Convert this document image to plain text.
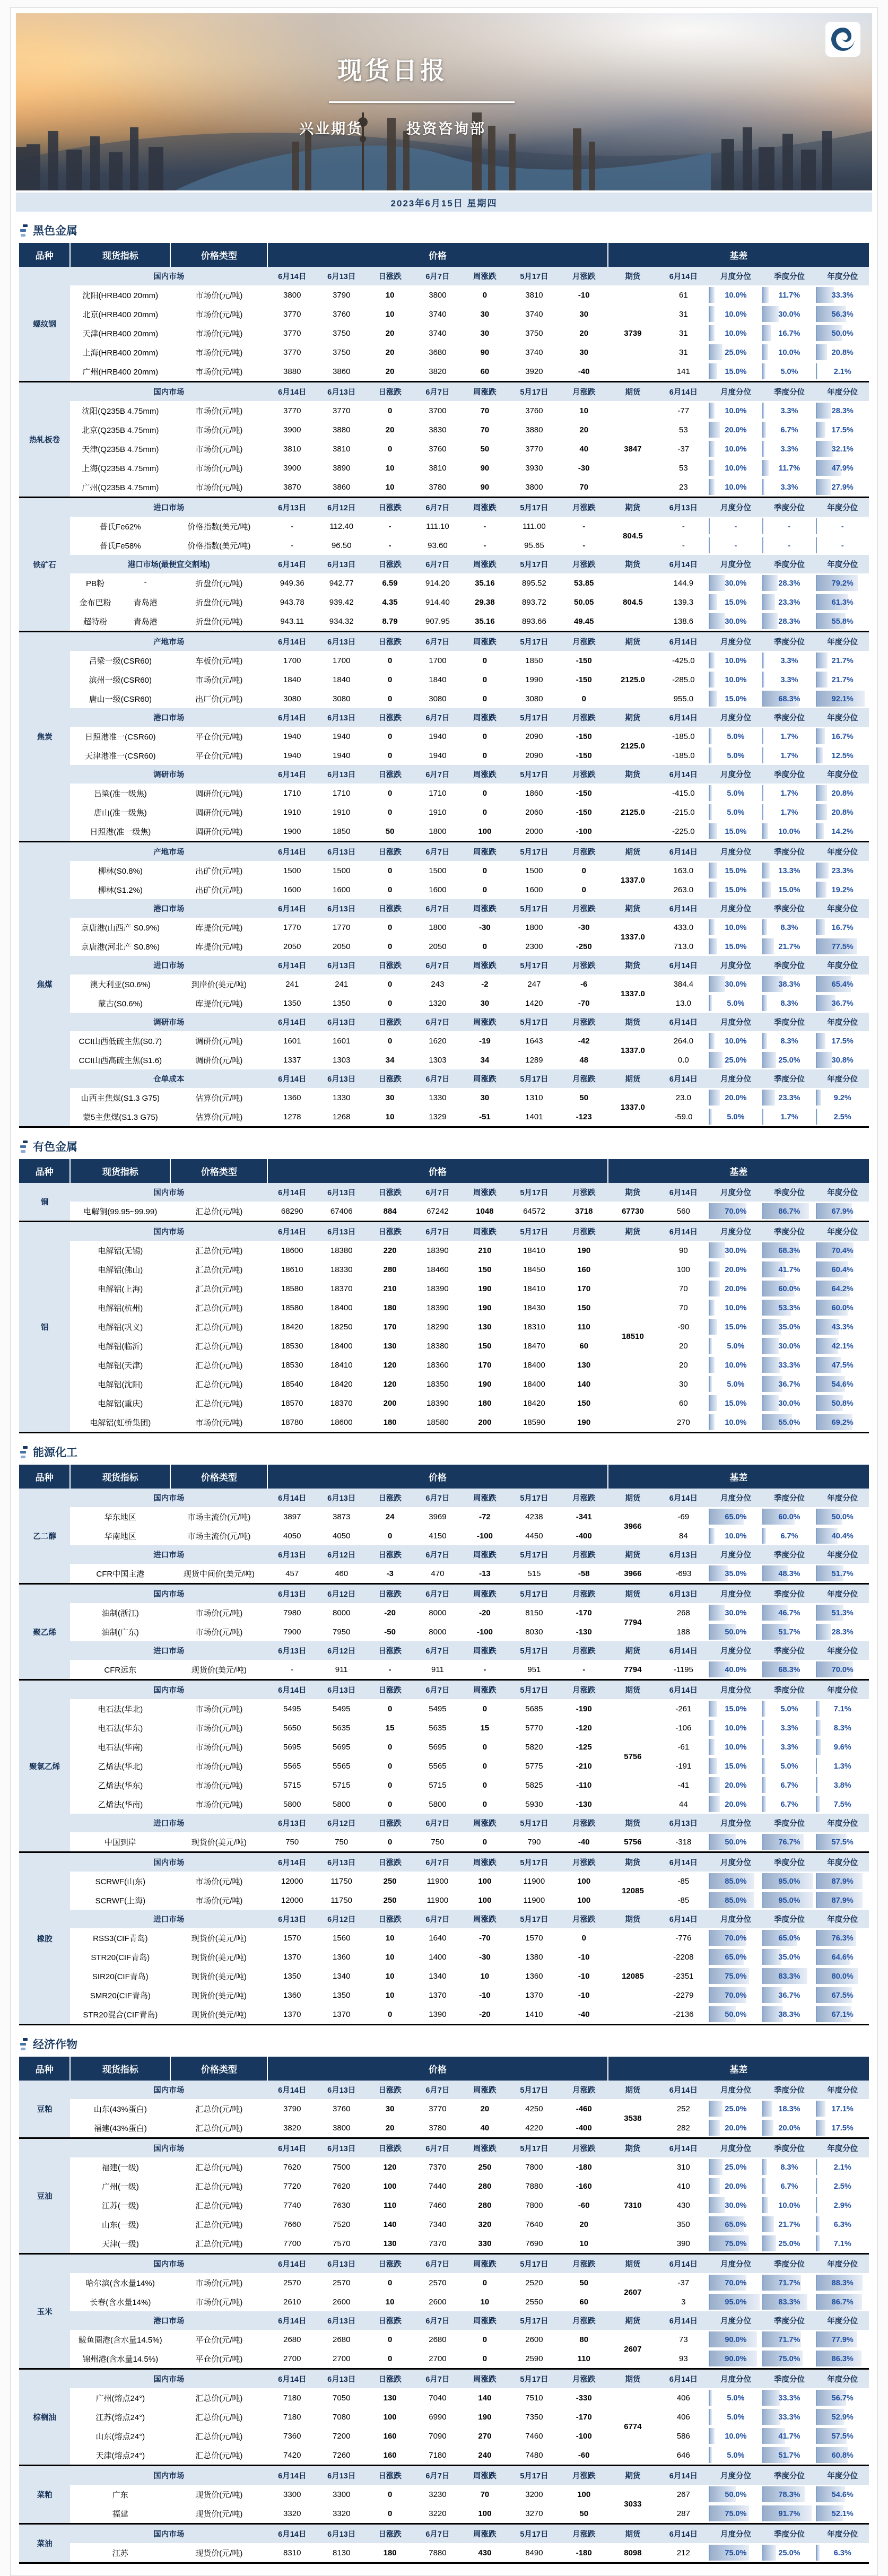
现货日报
兴业期货	投资咨询部
2023年6月15日 星期四
黑色金属
品种	现货指标	价格类型	价格							基差				
螺纹钢	国内市场		6月14日	6月13日	日涨跌	6月7日	周涨跌	5月17日	月涨跌	期货	6月14日	月度分位	季度分位	年度分位
	沈阳(HRB400 20mm)	市场价(元/吨)	3800	3790	10	3800	0	3810	-10	3739	61	10.0%	11.7%	33.3%
	北京(HRB400 20mm)	市场价(元/吨)	3770	3760	10	3740	30	3740	30		31	10.0%	30.0%	56.3%
	天津(HRB400 20mm)	市场价(元/吨)	3770	3750	20	3740	30	3750	20		31	10.0%	16.7%	50.0%
	上海(HRB400 20mm)	市场价(元/吨)	3770	3750	20	3680	90	3740	30		31	25.0%	10.0%	20.8%
	广州(HRB400 20mm)	市场价(元/吨)	3880	3860	20	3820	60	3920	-40		141	15.0%	5.0%	2.1%
热轧板卷	国内市场		6月14日	6月13日	日涨跌	6月7日	周涨跌	5月17日	月涨跌	期货	6月14日	月度分位	季度分位	年度分位
	沈阳(Q235B 4.75mm)	市场价(元/吨)	3770	3770	0	3700	70	3760	10	3847	-77	10.0%	3.3%	28.3%
	北京(Q235B 4.75mm)	市场价(元/吨)	3900	3880	20	3830	70	3880	20		53	20.0%	6.7%	17.5%
	天津(Q235B 4.75mm)	市场价(元/吨)	3810	3810	0	3760	50	3770	40		-37	10.0%	3.3%	32.1%
	上海(Q235B 4.75mm)	市场价(元/吨)	3900	3890	10	3810	90	3930	-30		53	10.0%	11.7%	47.9%
	广州(Q235B 4.75mm)	市场价(元/吨)	3870	3860	10	3780	90	3800	70		23	10.0%	3.3%	27.9%
铁矿石	进口市场		6月13日	6月12日	日涨跌	6月7日	周涨跌	5月17日	月涨跌	期货	6月13日	月度分位	季度分位	年度分位
	普氏Fe62%	价格指数(美元/吨)	-	112.40	-	111.10	-	111.00	-	804.5	-	-	-	-
	普氏Fe58%	价格指数(美元/吨)	-	96.50	-	93.60	-	95.65	-		-	-	-	-
	港口市场(最便宜交割地)		6月14日	6月13日	日涨跌	6月7日	周涨跌	5月17日	月涨跌	期货	6月14日	月度分位	季度分位	年度分位

	PB粉 -	折盘价(元/吨)	949.36	942.77	6.59	914.20	35.16	895.52	53.85	804.5	144.9	30.0%	28.3%	79.2%

	金布巴粉 青岛港	折盘价(元/吨)	943.78	939.42	4.35	914.40	29.38	893.72	50.05		139.3	15.0%	23.3%	61.3%

	超特粉 青岛港	折盘价(元/吨)	943.11	934.32	8.79	907.95	35.16	893.66	49.45		138.6	30.0%	28.3%	55.8%
焦炭	产地市场		6月14日	6月13日	日涨跌	6月7日	周涨跌	5月17日	月涨跌	期货	6月14日	月度分位	季度分位	年度分位
	吕梁一级(CSR60)	车板价(元/吨)	1700	1700	0	1700	0	1850	-150	2125.0	-425.0	10.0%	3.3%	21.7%
	滨州一级(CSR60)	市场价(元/吨)	1840	1840	0	1840	0	1990	-150		-285.0	10.0%	3.3%	21.7%
	唐山一级(CSR60)	出厂价(元/吨)	3080	3080	0	3080	0	3080	0		955.0	15.0%	68.3%	92.1%
	港口市场		6月14日	6月13日	日涨跌	6月7日	周涨跌	5月17日	月涨跌	期货	6月14日	月度分位	季度分位	年度分位
	日照港准一(CSR60)	平仓价(元/吨)	1940	1940	0	1940	0	2090	-150	2125.0	-185.0	5.0%	1.7%	16.7%
	天津港准一(CSR60)	平仓价(元/吨)	1940	1940	0	1940	0	2090	-150		-185.0	5.0%	1.7%	12.5%
	调研市场		6月14日	6月13日	日涨跌	6月7日	周涨跌	5月17日	月涨跌	期货	6月14日	月度分位	季度分位	年度分位
	吕梁(准一级焦)	调研价(元/吨)	1710	1710	0	1710	0	1860	-150	2125.0	-415.0	5.0%	1.7%	20.8%
	唐山(准一级焦)	调研价(元/吨)	1910	1910	0	1910	0	2060	-150		-215.0	5.0%	1.7%	20.8%
	日照港(准一级焦)	调研价(元/吨)	1900	1850	50	1800	100	2000	-100		-225.0	15.0%	10.0%	14.2%
焦煤	产地市场		6月14日	6月13日	日涨跌	6月7日	周涨跌	5月17日	月涨跌	期货	6月14日	月度分位	季度分位	年度分位
	柳林(S0.8%)	出矿价(元/吨)	1500	1500	0	1500	0	1500	0	1337.0	163.0	15.0%	13.3%	23.3%
	柳林(S1.2%)	出矿价(元/吨)	1600	1600	0	1600	0	1600	0		263.0	15.0%	15.0%	19.2%
	港口市场		6月14日	6月13日	日涨跌	6月7日	周涨跌	5月17日	月涨跌	期货	6月14日	月度分位	季度分位	年度分位
	京唐港(山西产 S0.9%)	库提价(元/吨)	1770	1770	0	1800	-30	1800	-30	1337.0	433.0	10.0%	8.3%	16.7%
	京唐港(河北产 S0.8%)	库提价(元/吨)	2050	2050	0	2050	0	2300	-250		713.0	15.0%	21.7%	77.5%
	进口市场		6月14日	6月13日	日涨跌	6月7日	周涨跌	5月17日	月涨跌	期货	6月14日	月度分位	季度分位	年度分位
	澳大利亚(S0.6%)	到岸价(美元/吨)	241	241	0	243	-2	247	-6	1337.0	384.4	30.0%	38.3%	65.4%
	蒙古(S0.6%)	库提价(元/吨)	1350	1350	0	1320	30	1420	-70		13.0	5.0%	8.3%	36.7%
	调研市场		6月14日	6月13日	日涨跌	6月7日	周涨跌	5月17日	月涨跌	期货	6月14日	月度分位	季度分位	年度分位
	CCI山西低硫主焦(S0.7)	调研价(元/吨)	1601	1601	0	1620	-19	1643	-42	1337.0	264.0	10.0%	8.3%	17.5%
	CCI山西高硫主焦(S1.6)	调研价(元/吨)	1337	1303	34	1303	34	1289	48		0.0	25.0%	25.0%	30.8%
	仓单成本		6月14日	6月13日	日涨跌	6月7日	周涨跌	5月17日	月涨跌	期货	6月14日	月度分位	季度分位	年度分位
	山西主焦煤(S1.3 G75)	估算价(元/吨)	1360	1330	30	1330	30	1310	50	1337.0	23.0	20.0%	23.3%	9.2%
	蒙5主焦煤(S1.3 G75)	估算价(元/吨)	1278	1268	10	1329	-51	1401	-123		-59.0	5.0%	1.7%	2.5%
有色金属
品种	现货指标	价格类型	价格							基差				
铜	国内市场		6月14日	6月13日	日涨跌	6月7日	周涨跌	5月17日	月涨跌	期货	6月14日	月度分位	季度分位	年度分位
	电解铜(99.95~99.99)	汇总价(元/吨)	68290	67406	884	67242	1048	64572	3718	67730	560	70.0%	86.7%	67.9%
铝	国内市场		6月14日	6月13日	日涨跌	6月7日	周涨跌	5月17日	月涨跌	期货	6月14日	月度分位	季度分位	年度分位
	电解铝(无锡)	汇总价(元/吨)	18600	18380	220	18390	210	18410	190	18510	90	30.0%	68.3%	70.4%
	电解铝(佛山)	汇总价(元/吨)	18610	18330	280	18460	150	18450	160		100	20.0%	41.7%	60.4%
	电解铝(上海)	汇总价(元/吨)	18580	18370	210	18390	190	18410	170		70	20.0%	60.0%	64.2%
	电解铝(杭州)	汇总价(元/吨)	18580	18400	180	18390	190	18430	150		70	10.0%	53.3%	60.0%
	电解铝(巩义)	汇总价(元/吨)	18420	18250	170	18290	130	18310	110		-90	15.0%	35.0%	43.3%
	电解铝(临沂)	汇总价(元/吨)	18530	18400	130	18380	150	18470	60		20	5.0%	30.0%	42.1%
	电解铝(天津)	汇总价(元/吨)	18530	18410	120	18360	170	18400	130		20	10.0%	33.3%	47.5%
	电解铝(沈阳)	汇总价(元/吨)	18540	18420	120	18350	190	18400	140		30	5.0%	36.7%	54.6%
	电解铝(重庆)	汇总价(元/吨)	18570	18370	200	18390	180	18420	150		60	15.0%	30.0%	50.8%
	电解铝(虹桥集团)	市场价(元/吨)	18780	18600	180	18580	200	18590	190		270	10.0%	55.0%	69.2%
能源化工
品种	现货指标	价格类型	价格							基差				
乙二醇	国内市场		6月14日	6月13日	日涨跌	6月7日	周涨跌	5月17日	月涨跌	期货	6月14日	月度分位	季度分位	年度分位
	华东地区	市场主流价(元/吨)	3897	3873	24	3969	-72	4238	-341	3966	-69	65.0%	60.0%	50.0%
	华南地区	市场主流价(元/吨)	4050	4050	0	4150	-100	4450	-400		84	10.0%	6.7%	40.4%
	进口市场		6月13日	6月12日	日涨跌	6月7日	周涨跌	5月17日	月涨跌	期货	6月13日	月度分位	季度分位	年度分位
	CFR中国主港	现货中间价(美元/吨)	457	460	-3	470	-13	515	-58	3966	-693	35.0%	48.3%	51.7%
聚乙烯	国内市场		6月13日	6月12日	日涨跌	6月7日	周涨跌	5月17日	月涨跌	期货	6月13日	月度分位	季度分位	年度分位
	油制(浙江)	市场价(元/吨)	7980	8000	-20	8000	-20	8150	-170	7794	268	30.0%	46.7%	51.3%
	油制(广东)	市场价(元/吨)	7900	7950	-50	8000	-100	8030	-130		188	50.0%	51.7%	28.3%
	进口市场		6月13日	6月12日	日涨跌	6月7日	周涨跌	5月17日	月涨跌	期货	6月14日	月度分位	季度分位	年度分位
	CFR远东	现货价(美元/吨)	-	911	-	911	-	951	-	7794	-1195	40.0%	68.3%	70.0%
聚氯乙烯	国内市场		6月14日	6月13日	日涨跌	6月7日	周涨跌	5月17日	月涨跌	期货	6月14日	月度分位	季度分位	年度分位
	电石法(华北)	市场价(元/吨)	5495	5495	0	5495	0	5685	-190	5756	-261	15.0%	5.0%	7.1%
	电石法(华东)	市场价(元/吨)	5650	5635	15	5635	15	5770	-120		-106	10.0%	3.3%	8.3%
	电石法(华南)	市场价(元/吨)	5695	5695	0	5695	0	5820	-125		-61	10.0%	3.3%	9.6%
	乙烯法(华北)	市场价(元/吨)	5565	5565	0	5565	0	5775	-210		-191	15.0%	5.0%	1.3%
	乙烯法(华东)	市场价(元/吨)	5715	5715	0	5715	0	5825	-110		-41	20.0%	6.7%	3.8%
	乙烯法(华南)	市场价(元/吨)	5800	5800	0	5800	0	5930	-130		44	20.0%	6.7%	7.5%
	进口市场		6月13日	6月12日	日涨跌	6月7日	周涨跌	5月17日	月涨跌	期货	6月13日	月度分位	季度分位	年度分位
	中国到岸	现货价(美元/吨)	750	750	0	750	0	790	-40	5756	-318	50.0%	76.7%	57.5%
橡胶	国内市场		6月14日	6月13日	日涨跌	6月7日	周涨跌	5月17日	月涨跌	期货	6月14日	月度分位	季度分位	年度分位
	SCRWF(山东)	市场价(元/吨)	12000	11750	250	11900	100	11900	100	12085	-85	85.0%	95.0%	87.9%
	SCRWF(上海)	市场价(元/吨)	12000	11750	250	11900	100	11900	100		-85	85.0%	95.0%	87.9%
	进口市场		6月13日	6月12日	日涨跌	6月7日	周涨跌	5月17日	月涨跌	期货	6月14日	月度分位	季度分位	年度分位
	RSS3(CIF青岛)	现货价(美元/吨)	1570	1560	10	1640	-70	1570	0	12085	-776	70.0%	65.0%	76.3%
	STR20(CIF青岛)	现货价(美元/吨)	1370	1360	10	1400	-30	1380	-10		-2208	65.0%	35.0%	64.6%
	SIR20(CIF青岛)	现货价(美元/吨)	1350	1340	10	1340	10	1360	-10		-2351	75.0%	83.3%	80.0%
	SMR20(CIF青岛)	现货价(美元/吨)	1360	1350	10	1370	-10	1370	-10		-2279	70.0%	36.7%	67.5%
	STR20混合(CIF青岛)	现货价(美元/吨)	1370	1370	0	1390	-20	1410	-40		-2136	50.0%	38.3%	67.1%
经济作物
品种	现货指标	价格类型	价格							基差				
豆粕	国内市场		6月14日	6月13日	日涨跌	6月7日	周涨跌	5月17日	月涨跌	期货	6月14日	月度分位	季度分位	年度分位
	山东(43%蛋白)	汇总价(元/吨)	3790	3760	30	3770	20	4250	-460	3538	252	25.0%	18.3%	17.1%
	福建(43%蛋白)	汇总价(元/吨)	3820	3800	20	3780	40	4220	-400		282	20.0%	20.0%	17.5%
豆油	国内市场		6月14日	6月13日	日涨跌	6月7日	周涨跌	5月17日	月涨跌	期货	6月14日	月度分位	季度分位	年度分位
	福建(一级)	汇总价(元/吨)	7620	7500	120	7370	250	7800	-180	7310	310	25.0%	8.3%	2.1%
	广州(一级)	汇总价(元/吨)	7720	7620	100	7440	280	7880	-160		410	20.0%	6.7%	2.5%
	江苏(一级)	汇总价(元/吨)	7740	7630	110	7460	280	7800	-60		430	30.0%	10.0%	2.9%
	山东(一级)	汇总价(元/吨)	7660	7520	140	7340	320	7640	20		350	65.0%	21.7%	6.3%
	天津(一级)	汇总价(元/吨)	7700	7570	130	7370	330	7690	10		390	75.0%	25.0%	7.1%
玉米	国内市场		6月14日	6月13日	日涨跌	6月7日	周涨跌	5月17日	月涨跌	期货	6月14日	月度分位	季度分位	年度分位
	哈尔滨(含水量14%)	市场价(元/吨)	2570	2570	0	2570	0	2520	50	2607	-37	70.0%	71.7%	88.3%
	长春(含水量14%)	市场价(元/吨)	2610	2600	10	2600	10	2550	60		3	95.0%	83.3%	86.7%
	港口市场		6月14日	6月13日	日涨跌	6月7日	周涨跌	5月17日	月涨跌	期货	6月14日	月度分位	季度分位	年度分位
	鲅鱼圈港(含水量14.5%)	平仓价(元/吨)	2680	2680	0	2680	0	2600	80	2607	73	90.0%	71.7%	77.9%
	锦州港(含水量14.5%)	平仓价(元/吨)	2700	2700	0	2700	0	2590	110		93	90.0%	75.0%	86.3%
棕榈油	国内市场		6月14日	6月13日	日涨跌	6月7日	周涨跌	5月17日	月涨跌	期货	6月14日	月度分位	季度分位	年度分位
	广州(熔点24°)	汇总价(元/吨)	7180	7050	130	7040	140	7510	-330	6774	406	5.0%	33.3%	56.7%
	江苏(熔点24°)	汇总价(元/吨)	7180	7080	100	6990	190	7350	-170		406	5.0%	33.3%	52.9%
	山东(熔点24°)	汇总价(元/吨)	7360	7200	160	7090	270	7460	-100		586	10.0%	41.7%	57.5%
	天津(熔点24°)	汇总价(元/吨)	7420	7260	160	7180	240	7480	-60		646	5.0%	51.7%	60.8%
菜粕	国内市场		6月14日	6月13日	日涨跌	6月7日	周涨跌	5月17日	月涨跌	期货	6月14日	月度分位	季度分位	年度分位
	广东	现货价(元/吨)	3300	3300	0	3230	70	3200	100	3033	267	50.0%	78.3%	54.6%
	福建	现货价(元/吨)	3320	3320	0	3220	100	3270	50		287	75.0%	91.7%	52.1%
菜油	国内市场		6月14日	6月13日	日涨跌	6月7日	周涨跌	5月17日	月涨跌	期货	6月14日	月度分位	季度分位	年度分位
	江苏	现货价(元/吨)	8310	8130	180	7880	430	8490	-180	8098	212	75.0%	25.0%	6.3%
